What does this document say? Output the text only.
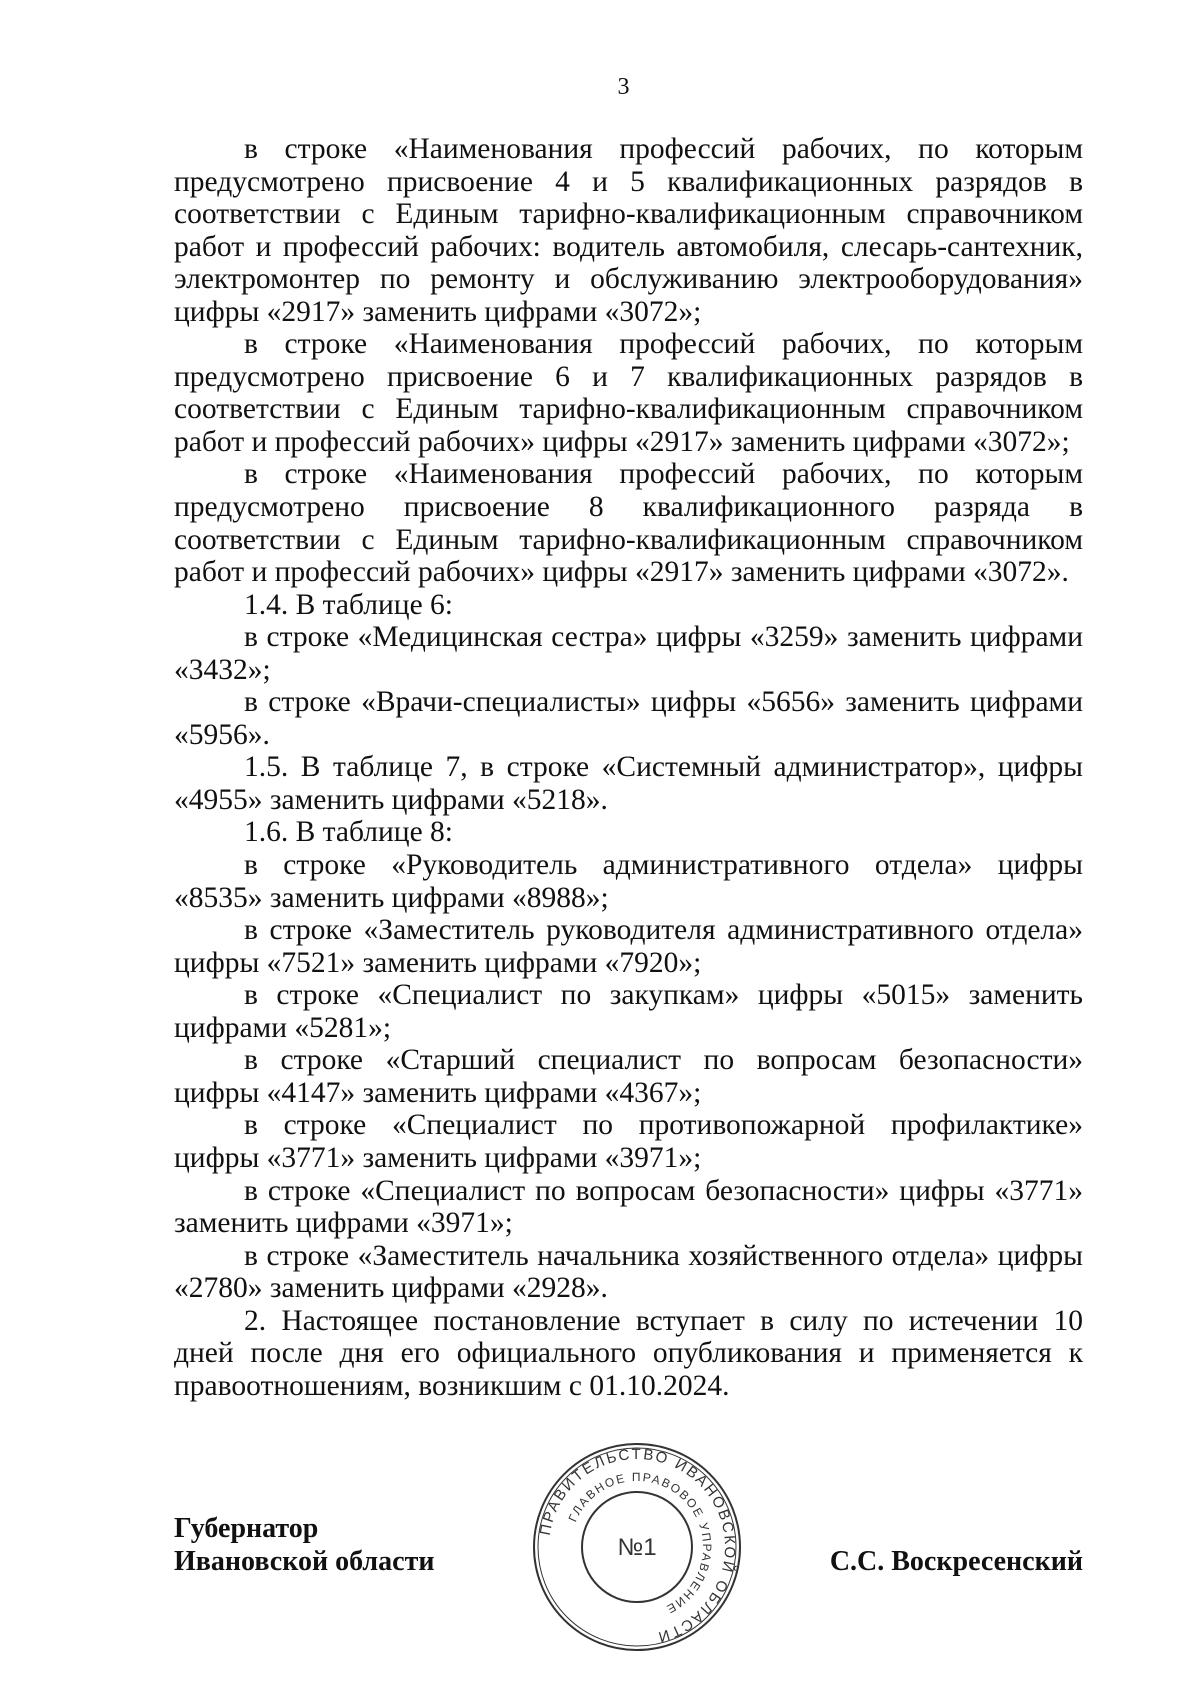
3

в строке «Наименования профессий рабочих, по которым предусмотрено присвоение 4 и 5 квалификационных разрядов в соответствии с Единым тарифно-квалификационным справочником работ и профессий рабочих: водитель автомобиля, слесарь-сантехник, электромонтер по ремонту и обслуживанию электрооборудования» цифры «2917» заменить цифрами «3072»;

в строке «Наименования профессий рабочих, по которым предусмотрено присвоение 6 и 7 квалификационных разрядов в соответствии с Единым тарифно-квалификационным справочником работ и профессий рабочих» цифры «2917» заменить цифрами «3072»;

в строке «Наименования профессий рабочих, по которым предусмотрено присвоение 8 квалификационного разряда в соответствии с Единым тарифно-квалификационным справочником работ и профессий рабочих» цифры «2917» заменить цифрами «3072».

1.4. В таблице 6:

в строке «Медицинская сестра» цифры «3259» заменить цифрами «3432»;

в строке «Врачи-специалисты» цифры «5656» заменить цифрами «5956».

1.5. В таблице 7, в строке «Системный администратор», цифры «4955» заменить цифрами «5218».

1.6. В таблице 8:

в строке «Руководитель административного отдела» цифры «8535» заменить цифрами «8988»;

в строке «Заместитель руководителя административного отдела» цифры «7521» заменить цифрами «7920»;

в строке «Специалист по закупкам» цифры «5015» заменить цифрами «5281»;

в строке «Старший специалист по вопросам безопасности» цифры «4147» заменить цифрами «4367»;

в строке «Специалист по противопожарной профилактике» цифры «3771» заменить цифрами «3971»;

в строке «Специалист по вопросам безопасности» цифры «3771» заменить цифрами «3971»;

в строке «Заместитель начальника хозяйственного отдела» цифры «2780» заменить цифрами «2928».

2. Настоящее постановление вступает в силу по истечении 10 дней после дня его официального опубликования и применяется к правоотношениям, возникшим с 01.10.2024.

Губернатор
Ивановской области	С.С. Воскресенский
ПРАВИТЕЛЬСТВО ИВАНОВСКОЙ ОБЛАСТИ
ГЛАВНОЕ ПРАВОВОЕ УПРАВЛЕНИЕ
№1
